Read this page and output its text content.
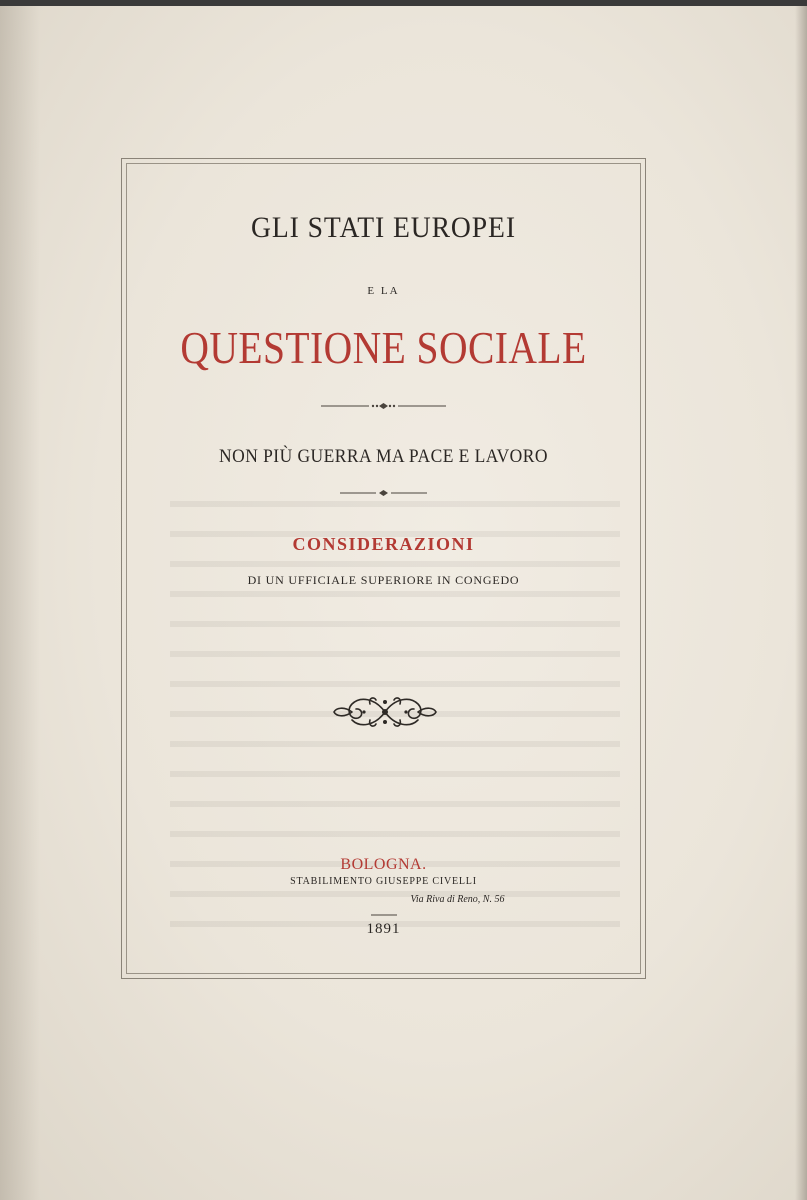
GLI STATI EUROPEI
E LA
QUESTIONE SOCIALE
NON PIÙ GUERRA MA PACE E LAVORO
CONSIDERAZIONI
DI UN UFFICIALE SUPERIORE IN CONGEDO
BOLOGNA.
STABILIMENTO GIUSEPPE CIVELLI
Via Riva di Reno, N. 56
1891
